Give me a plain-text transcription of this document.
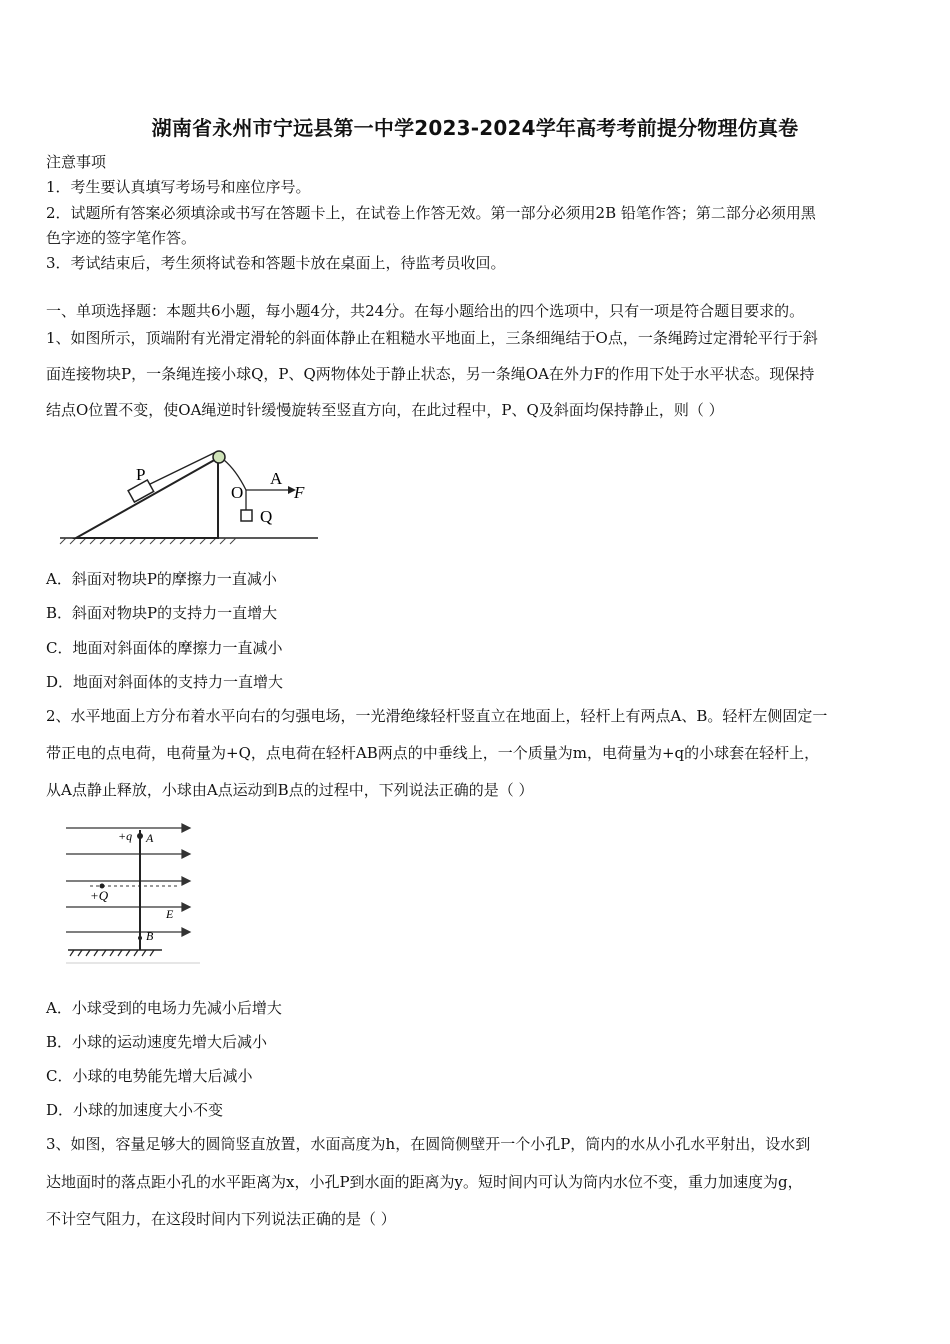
湖南省永州市宁远县第一中学2023-2024学年高考考前提分物理仿真卷
注意事项
1．考生要认真填写考场号和座位序号。
2．试题所有答案必须填涂或书写在答题卡上，在试卷上作答无效。第一部分必须用2B 铅笔作答；第二部分必须用黑
色字迹的签字笔作答。
3．考试结束后，考生须将试卷和答题卡放在桌面上，待监考员收回。
一、单项选择题：本题共6小题，每小题4分，共24分。在每小题给出的四个选项中，只有一项是符合题目要求的。
1、如图所示，顶端附有光滑定滑轮的斜面体静止在粗糙水平地面上，三条细绳结于O点，一条绳跨过定滑轮平行于斜
面连接物块P，一条绳连接小球Q，P、Q两物体处于静止状态，另一条绳OA在外力F的作用下处于水平状态。现保持
结点O位置不变，使OA绳逆时针缓慢旋转至竖直方向，在此过程中，P、Q及斜面均保持静止，则（ ）
P
O
A
F
Q
A．斜面对物块P的摩擦力一直减小
B．斜面对物块P的支持力一直增大
C．地面对斜面体的摩擦力一直减小
D．地面对斜面体的支持力一直增大
2、水平地面上方分布着水平向右的匀强电场，一光滑绝缘轻杆竖直立在地面上，轻杆上有两点A、B。轻杆左侧固定一
带正电的点电荷，电荷量为+Q，点电荷在轻杆AB两点的中垂线上，一个质量为m，电荷量为+q的小球套在轻杆上，
从A点静止释放，小球由A点运动到B点的过程中，下列说法正确的是（ ）
+q A
+Q
E
B
A．小球受到的电场力先减小后增大
B．小球的运动速度先增大后减小
C．小球的电势能先增大后减小
D．小球的加速度大小不变
3、如图，容量足够大的圆筒竖直放置，水面高度为h，在圆筒侧壁开一个小孔P，筒内的水从小孔水平射出，设水到
达地面时的落点距小孔的水平距离为x，小孔P到水面的距离为y。短时间内可认为筒内水位不变，重力加速度为g，
不计空气阻力，在这段时间内下列说法正确的是（ ）
